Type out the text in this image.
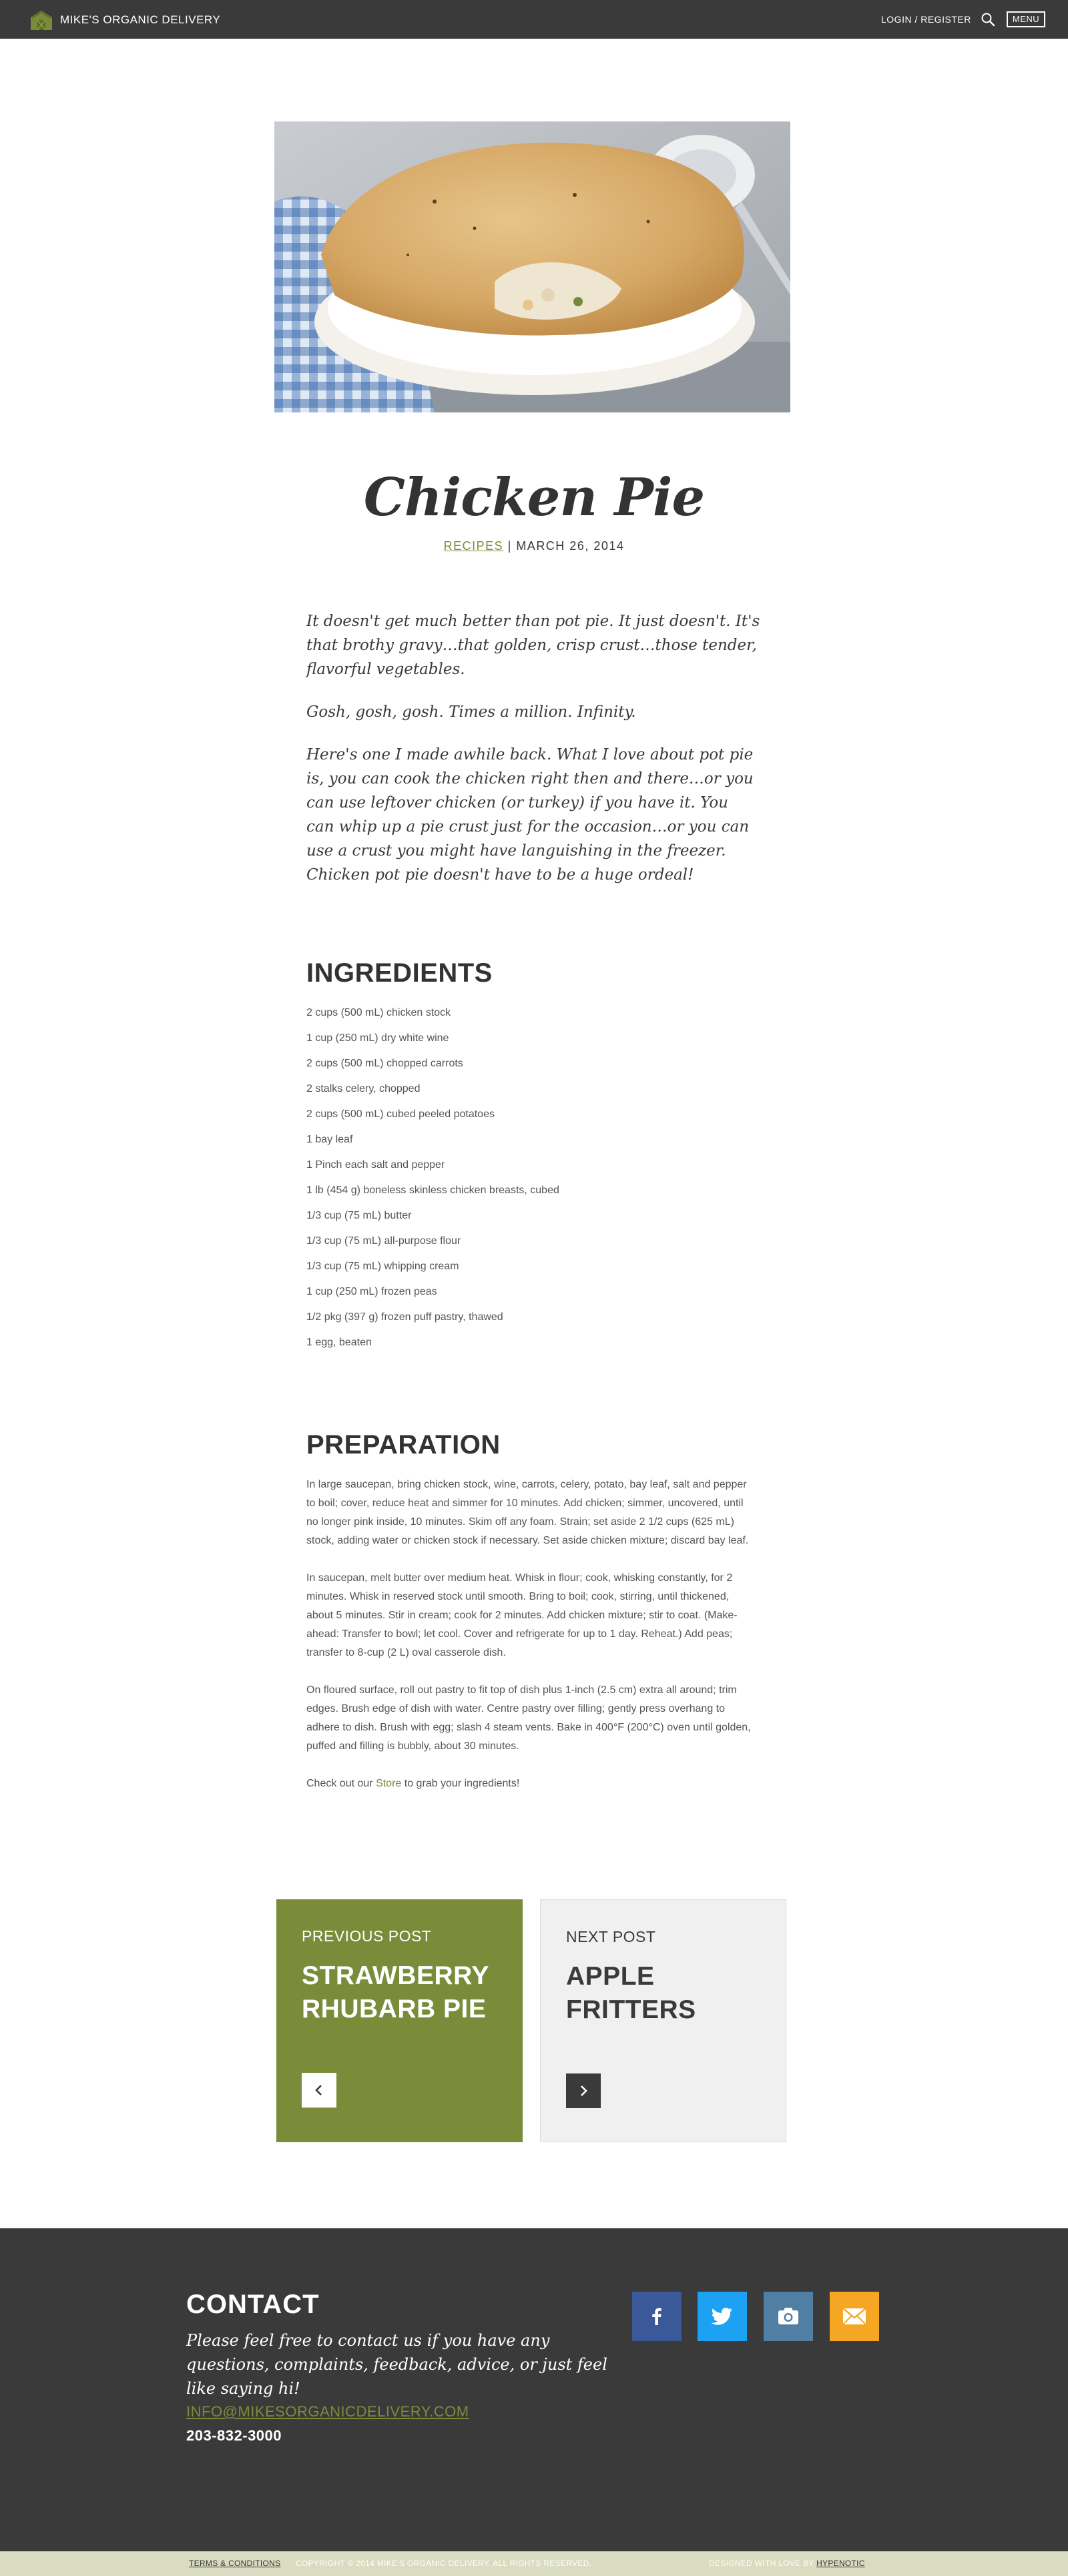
MIKE'S ORGANIC DELIVERY	LOGIN / REGISTER	MENU
Chicken Pie
RECIPES | MARCH 26, 2014

It doesn't get much better than pot pie. It just doesn't. It's that brothy gravy…that golden, crisp crust…those tender, flavorful vegetables.

Gosh, gosh, gosh. Times a million. Infinity.

Here's one I made awhile back. What I love about pot pie is, you can cook the chicken right then and there…or you can use leftover chicken (or turkey) if you have it. You can whip up a pie crust just for the occasion…or you can use a crust you might have languishing in the freezer. Chicken pot pie doesn't have to be a huge ordeal!

INGREDIENTS
2 cups (500 mL) chicken stock
1 cup (250 mL) dry white wine
2 cups (500 mL) chopped carrots
2 stalks celery, chopped
2 cups (500 mL) cubed peeled potatoes
1 bay leaf
1 Pinch each salt and pepper
1 lb (454 g) boneless skinless chicken breasts, cubed
1/3 cup (75 mL) butter
1/3 cup (75 mL) all-purpose flour
1/3 cup (75 mL) whipping cream
1 cup (250 mL) frozen peas
1/2 pkg (397 g) frozen puff pastry, thawed
1 egg, beaten
PREPARATION

In large saucepan, bring chicken stock, wine, carrots, celery, potato, bay leaf, salt and pepper to boil; cover, reduce heat and simmer for 10 minutes. Add chicken; simmer, uncovered, until no longer pink inside, 10 minutes. Skim off any foam. Strain; set aside 2 1/2 cups (625 mL) stock, adding water or chicken stock if necessary. Set aside chicken mixture; discard bay leaf.

In saucepan, melt butter over medium heat. Whisk in flour; cook, whisking constantly, for 2 minutes. Whisk in reserved stock until smooth. Bring to boil; cook, stirring, until thickened, about 5 minutes. Stir in cream; cook for 2 minutes. Add chicken mixture; stir to coat. (Make-ahead: Transfer to bowl; let cool. Cover and refrigerate for up to 1 day. Reheat.) Add peas; transfer to 8-cup (2 L) oval casserole dish.

On floured surface, roll out pastry to fit top of dish plus 1-inch (2.5 cm) extra all around; trim edges. Brush edge of dish with water. Centre pastry over filling; gently press overhang to adhere to dish. Brush with egg; slash 4 steam vents. Bake in 400°F (200°C) oven until golden, puffed and filling is bubbly, about 30 minutes.

Check out our Store to grab your ingredients!

PREVIOUS POST
STRAWBERRY RHUBARB PIE
NEXT POST
APPLE FRITTERS
CONTACT
Please feel free to contact us if you have any questions, complaints, feedback, advice, or just feel like saying hi!
INFO@MIKESORGANICDELIVERY.COM
203-832-3000
TERMS & CONDITIONS COPYRIGHT © 2014 MIKE'S ORGANIC DELIVERY. ALL RIGHTS RESERVED.	DESIGNED WITH LOVE BY HYPENOTIC
